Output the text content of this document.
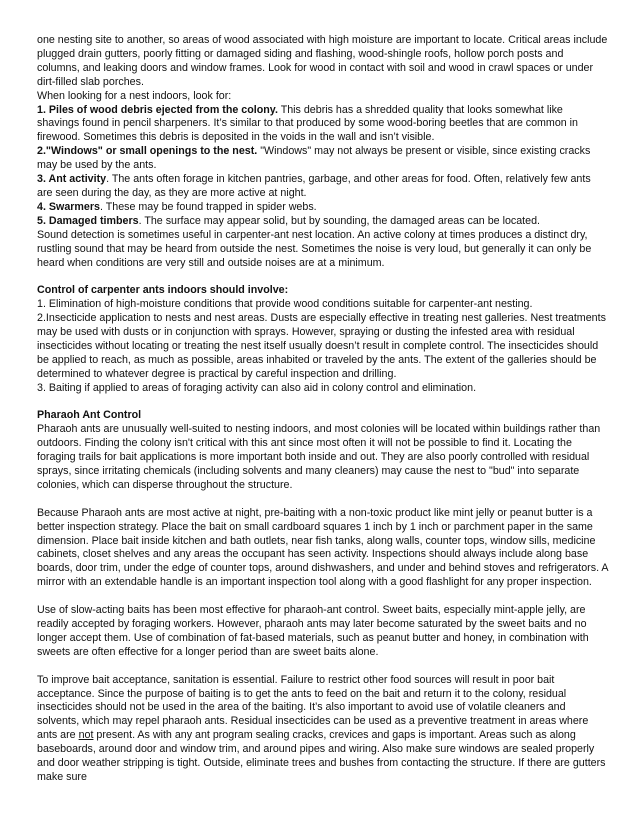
one nesting site to another, so areas of wood associated with high moisture are important to locate. Critical areas include plugged drain gutters, poorly fitting or damaged siding and flashing, wood-shingle roofs, hollow porch posts and columns, and leaking doors and window frames. Look for wood in contact with soil and wood in crawl spaces or under dirt-filled slab porches.

When looking for a nest indoors, look for:

1. Piles of wood debris ejected from the colony. This debris has a shredded quality that looks somewhat like shavings found in pencil sharpeners. It’s similar to that produced by some wood-boring beetles that are common in firewood. Sometimes this debris is deposited in the voids in the wall and isn’t visible.

2."Windows" or small openings to the nest. "Windows" may not always be present or visible, since existing cracks may be used by the ants.

3. Ant activity. The ants often forage in kitchen pantries, garbage, and other areas for food. Often, relatively few ants are seen during the day, as they are more active at night.

4. Swarmers. These may be found trapped in spider webs.

5. Damaged timbers. The surface may appear solid, but by sounding, the damaged areas can be located.

Sound detection is sometimes useful in carpenter-ant nest location. An active colony at times produces a distinct dry, rustling sound that may be heard from outside the nest. Sometimes the noise is very loud, but generally it can only be heard when conditions are very still and outside noises are at a minimum.

Control of carpenter ants indoors should involve:

1. Elimination of high-moisture conditions that provide wood conditions suitable for carpenter-ant nesting.

2.Insecticide application to nests and nest areas. Dusts are especially effective in treating nest galleries. Nest treatments may be used with dusts or in conjunction with sprays. However, spraying or dusting the infested area with residual insecticides without locating or treating the nest itself usually doesn’t result in complete control. The insecticides should be applied to reach, as much as possible, areas inhabited or traveled by the ants. The extent of the galleries should be determined to whatever degree is practical by careful inspection and drilling.

3. Baiting if applied to areas of foraging activity can also aid in colony control and elimination.

Pharaoh Ant Control

Pharaoh ants are unusually well-suited to nesting indoors, and most colonies will be located within buildings rather than outdoors. Finding the colony isn't critical with this ant since most often it will not be possible to find it. Locating the foraging trails for bait applications is more important both inside and out. They are also poorly controlled with residual sprays, since irritating chemicals (including solvents and many cleaners) may cause the nest to "bud" into separate colonies, which can disperse throughout the structure.

Because Pharaoh ants are most active at night, pre-baiting with a non-toxic product like mint jelly or peanut butter is a better inspection strategy. Place the bait on small cardboard squares 1 inch by 1 inch or parchment paper in the same dimension. Place bait inside kitchen and bath outlets, near fish tanks, along walls, counter tops, window sills, medicine cabinets, closet shelves and any areas the occupant has seen activity. Inspections should always include along base boards, door trim, under the edge of counter tops, around dishwashers, and under and behind stoves and refrigerators. A mirror with an extendable handle is an important inspection tool along with a good flashlight for any proper inspection.

Use of slow-acting baits has been most effective for pharaoh-ant control. Sweet baits, especially mint-apple jelly, are readily accepted by foraging workers. However, pharaoh ants may later become saturated by the sweet baits and no longer accept them. Use of combination of fat-based materials, such as peanut butter and honey, in combination with sweets are often effective for a longer period than are sweet baits alone.

To improve bait acceptance, sanitation is essential. Failure to restrict other food sources will result in poor bait acceptance. Since the purpose of baiting is to get the ants to feed on the bait and return it to the colony, residual insecticides should not be used in the area of the baiting. It’s also important to avoid use of volatile cleaners and solvents, which may repel pharaoh ants. Residual insecticides can be used as a preventive treatment in areas where ants are not present. As with any ant program sealing cracks, crevices and gaps is important. Areas such as along baseboards, around door and window trim, and around pipes and wiring. Also make sure windows are sealed properly and door weather stripping is tight. Outside, eliminate trees and bushes from contacting the structure. If there are gutters make sure
